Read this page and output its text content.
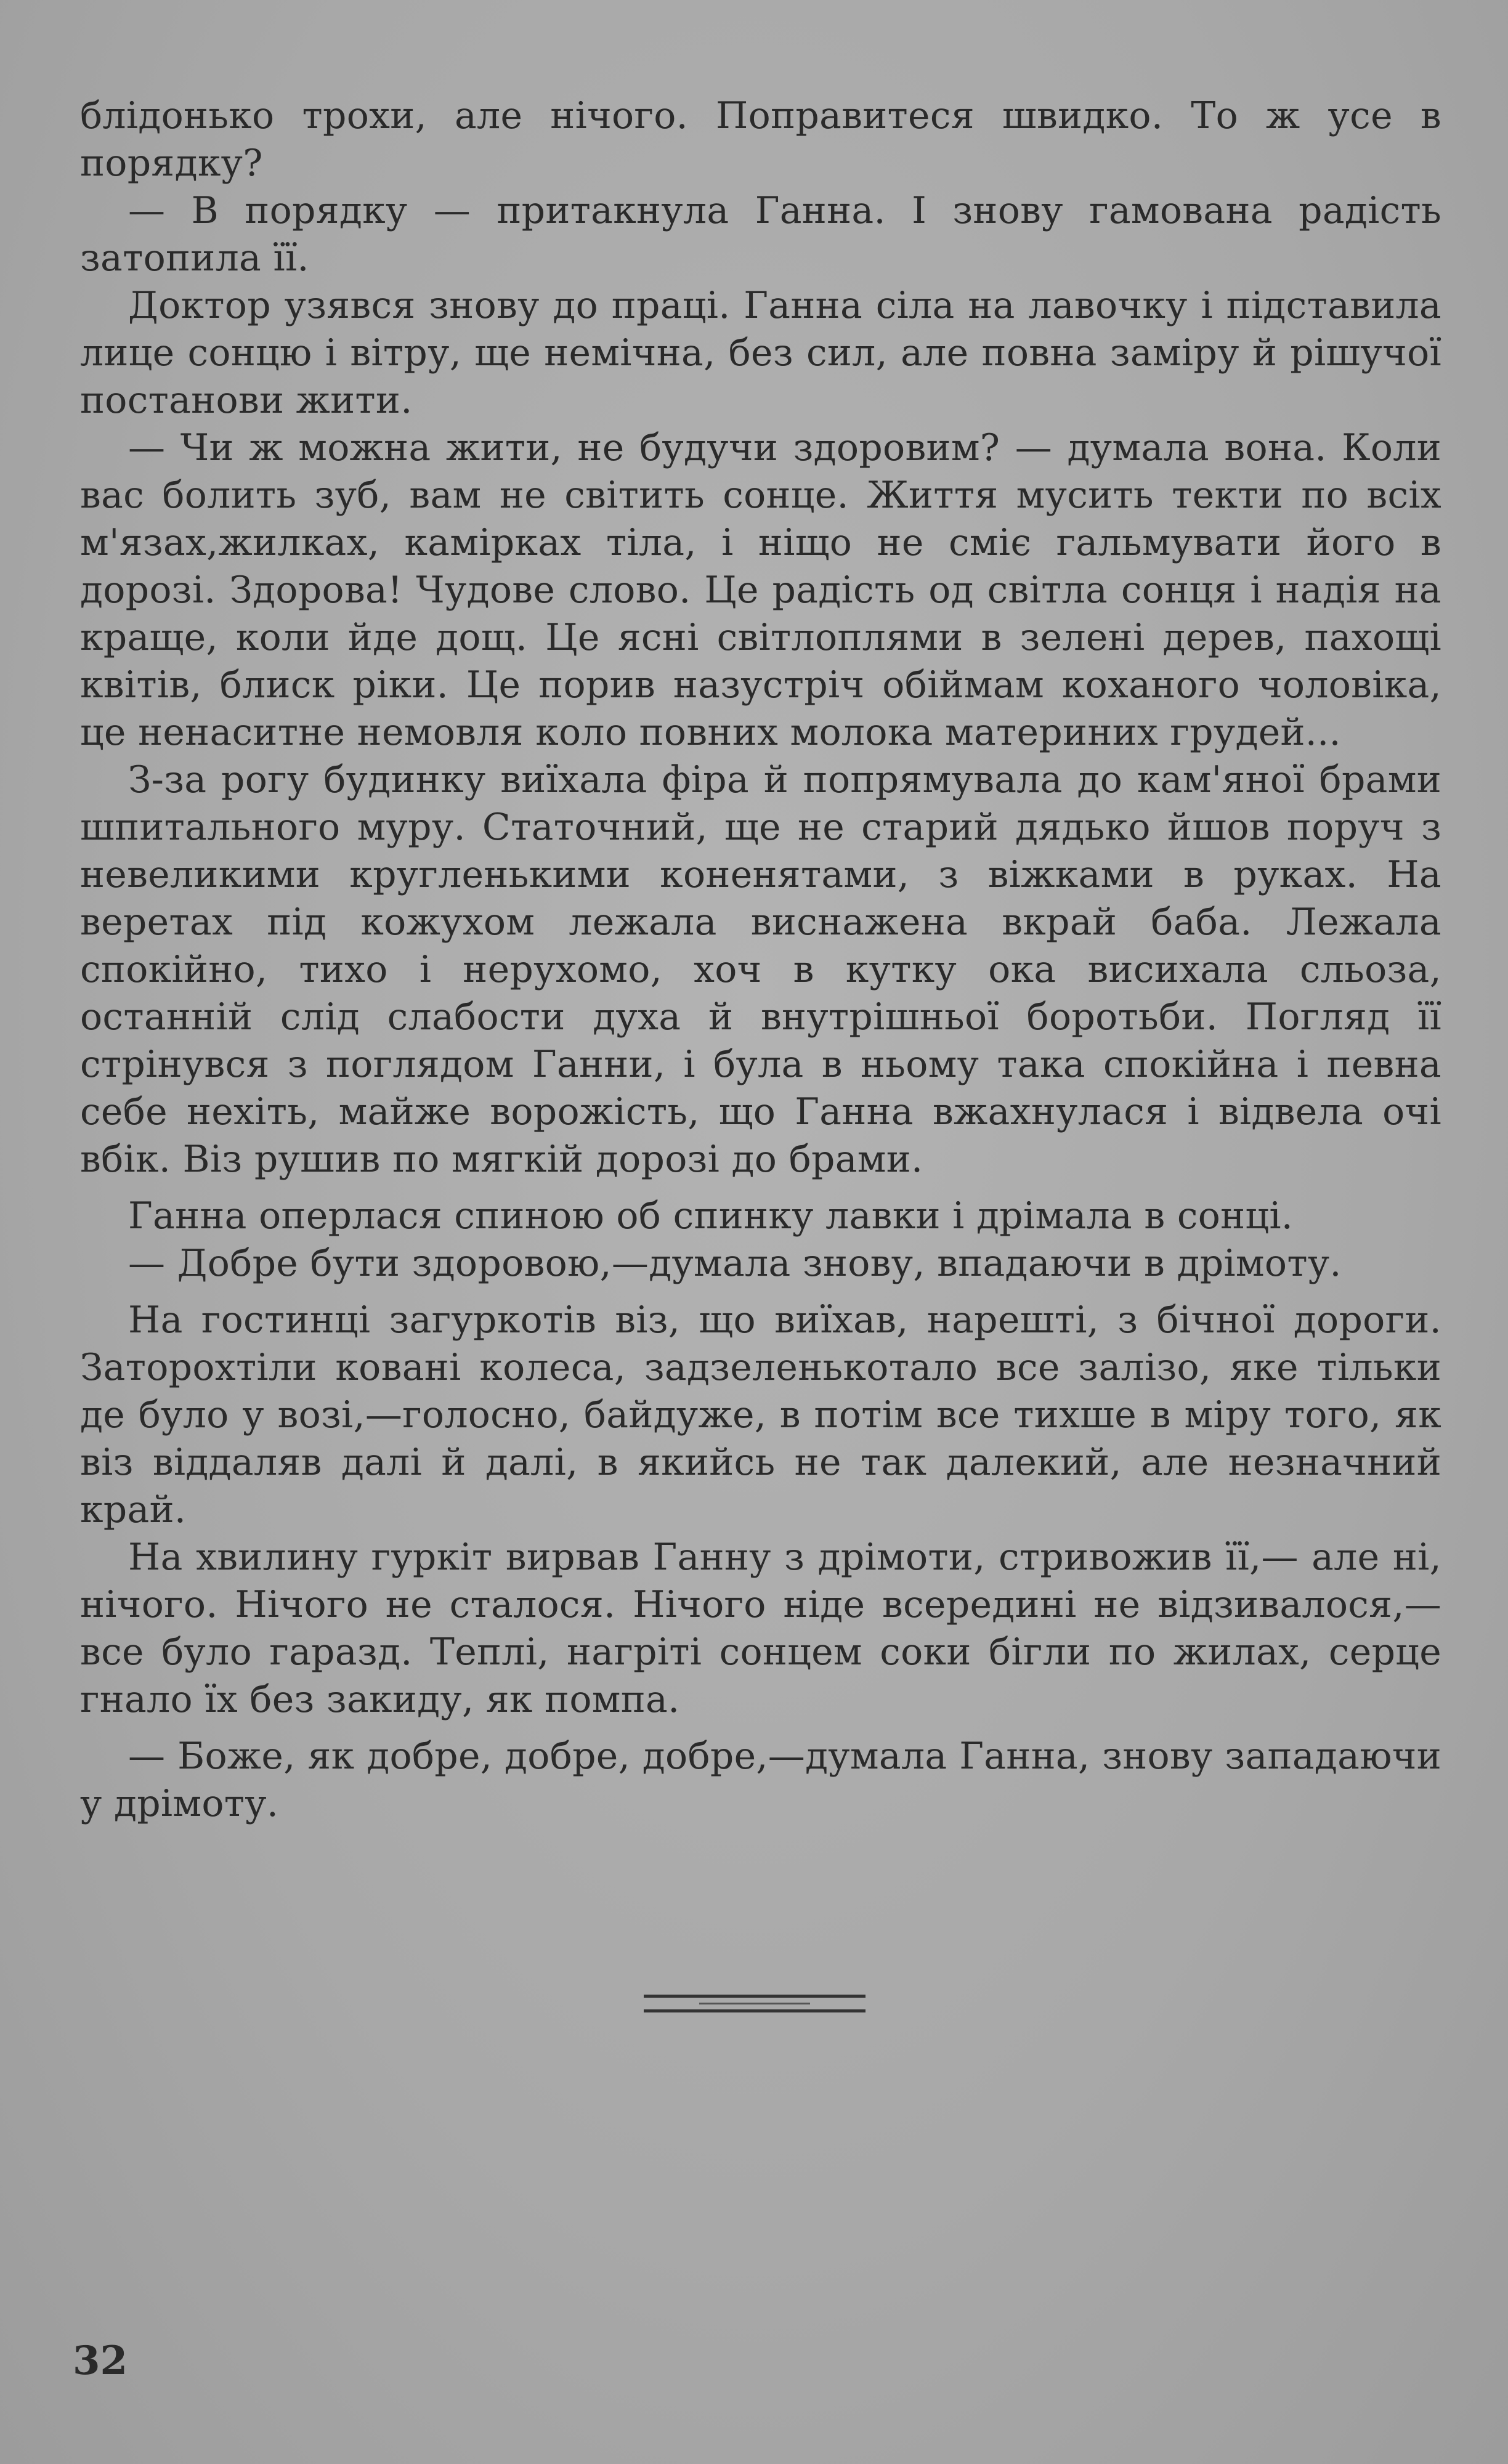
блідонько трохи, але нічого. Поправитеся швидко. То ж усе в порядку?

— В порядку — притакнула Ганна. І знову гамована радість затопила її.

Доктор узявся знову до праці. Ганна сіла на лавочку і підставила лице сонцю і вітру, ще немічна, без сил, але повна заміру й рішучої постанови жити.

— Чи ж можна жити, не будучи здоровим? — думала вона. Коли вас болить зуб, вам не світить сонце. Життя мусить текти по всіх м'язах,жилках, камірках тіла, і ніщо не сміє гальмувати його в дорозі. Здорова! Чудове слово. Це радість од світла сонця і надія на краще, коли йде дощ. Це ясні світлоплями в зелені дерев, пахощі квітів, блиск ріки. Це порив назустріч обіймам коханого чоловіка, це ненаситне немовля коло повних молока материних грудей...

З-за рогу будинку виїхала фіра й попрямувала до кам'яної брами шпитального муру. Статочний, ще не старий дядько йшов поруч з невеликими кругленькими коненятами, з віжками в руках. На веретах під кожухом лежала виснажена вкрай баба. Лежала спокійно, тихо і нерухомо, хоч в кутку ока висихала сльоза, останній слід слабости духа й внутрішньої боротьби. Погляд її стрінувся з поглядом Ганни, і була в ньому така спокійна і певна себе нехіть, майже ворожість, що Ганна вжахнулася і відвела очі вбік. Віз рушив по мягкій дорозі до брами.

Ганна оперлася спиною об спинку лавки і дрімала в сонці.

— Добре бути здоровою,—думала знову, впадаючи в дрімоту.

На гостинці загуркотів віз, що виїхав, нарешті, з бічної дороги. Заторохтіли ковані колеса, задзеленькотало все залізо, яке тільки де було у возі,—голосно, байдуже, в потім все тихше в міру того, як віз віддаляв далі й далі, в якийсь не так далекий, але незначний край.

На хвилину гуркіт вирвав Ганну з дрімоти, стривожив її,— але ні, нічого. Нічого не сталося. Нічого ніде всередині не відзивалося,—все було гаразд. Теплі, нагріті сонцем соки бігли по жилах, серце гнало їх без закиду, як помпа.

— Боже, як добре, добре, добре,—думала Ганна, знову западаючи у дрімоту.

32
